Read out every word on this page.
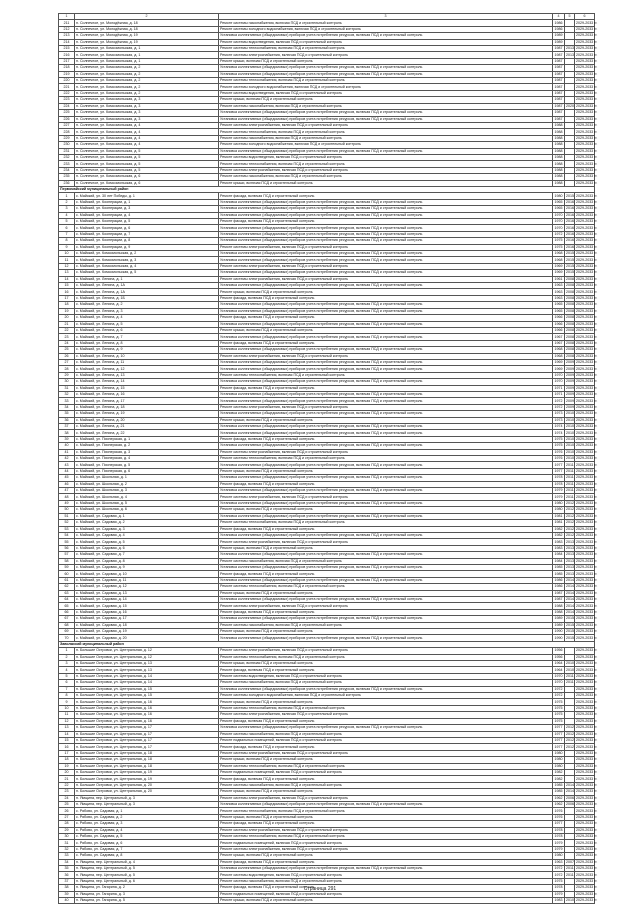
1	2	3	4	5	6
211	п. Солнечное, ул. Молодёжная, д. 18	Ремонт системы газоснабжения, включая ПСД и строительный контроль	1986		2029-2033 гг.
212	п. Солнечное, ул. Молодёжная, д. 18	Ремонт системы холодного водоснабжения, включая ПСД и строительный контроль	1986		2029-2033 гг.
213	п. Солнечное, ул. Молодёжная, д. 19	Установка коллективных (общедомовых) приборов учета потребления ресурсов, включая ПСД и строительный контроль	1989		2029-2033 гг.
214	п. Солнечное, ул. Молодёжная, д. 19	Ремонт системы водоотведения, включая ПСД и строительный контроль	1989		2029-2033 гг.
215	п. Солнечное, ул. Комсомольская, д. 1	Ремонт системы теплоснабжения, включая ПСД и строительный контроль	1987	2013	2029-2033 гг.
216	п. Солнечное, ул. Комсомольская, д. 1	Ремонт системы электроснабжения, включая ПСД и строительный контроль	1987	2013	2029-2033 гг.
217	п. Солнечное, ул. Комсомольская, д. 1	Ремонт крыши, включая ПСД и строительный контроль	1987		2029-2033 гг.
218	п. Солнечное, ул. Комсомольская, д. 2	Установка коллективных (общедомовых) приборов учета потребления ресурсов, включая ПСД и строительный контроль	1987		2029-2033 гг.
219	п. Солнечное, ул. Комсомольская, д. 2	Установка коллективных (общедомовых) приборов учета потребления ресурсов, включая ПСД и строительный контроль	1987		2029-2033 гг.
220	п. Солнечное, ул. Комсомольская, д. 2	Ремонт системы теплоснабжения, включая ПСД и строительный контроль	1987		2029-2033 гг.
221	п. Солнечное, ул. Комсомольская, д. 2	Ремонт системы холодного водоснабжения, включая ПСД и строительный контроль	1987		2029-2033 гг.
222	п. Солнечное, ул. Комсомольская, д. 2	Ремонт системы водоотведения, включая ПСД и строительный контроль	1987		2029-2033 гг.
223	п. Солнечное, ул. Комсомольская, д. 3	Ремонт крыши, включая ПСД и строительный контроль	1987		2029-2033 гг.
224	п. Солнечное, ул. Комсомольская, д. 3	Ремонт системы газоснабжения, включая ПСД и строительный контроль	1987	2020	2029-2033 гг.
225	п. Солнечное, ул. Комсомольская, д. 3	Установка коллективных (общедомовых) приборов учета потребления ресурсов, включая ПСД и строительный контроль	1987		2029-2033 гг.
226	п. Солнечное, ул. Комсомольская, д. 3	Установка коллективных (общедомовых) приборов учета потребления ресурсов, включая ПСД и строительный контроль	1987		2029-2033 гг.
227	п. Солнечное, ул. Комсомольская, д. 4	Ремонт системы электроснабжения, включая ПСД и строительный контроль	1988		2029-2033 гг.
228	п. Солнечное, ул. Комсомольская, д. 4	Ремонт системы теплоснабжения, включая ПСД и строительный контроль	1988		2029-2033 гг.
229	п. Солнечное, ул. Комсомольская, д. 4	Ремонт системы газоснабжения, включая ПСД и строительный контроль	1988		2029-2033 гг.
230	п. Солнечное, ул. Комсомольская, д. 4	Ремонт системы холодного водоснабжения, включая ПСД и строительный контроль	1988		2029-2033 гг.
231	п. Солнечное, ул. Комсомольская, д. 5	Установка коллективных (общедомовых) приборов учета потребления ресурсов, включая ПСД и строительный контроль	1988		2029-2033 гг.
232	п. Солнечное, ул. Комсомольская, д. 5	Ремонт системы водоотведения, включая ПСД и строительный контроль	1988		2029-2033 гг.
233	п. Солнечное, ул. Комсомольская, д. 5	Ремонт системы теплоснабжения, включая ПСД и строительный контроль	1988		2029-2033 гг.
234	п. Солнечное, ул. Комсомольская, д. 5	Ремонт системы электроснабжения, включая ПСД и строительный контроль	1988		2029-2033 гг.
235	п. Солнечное, ул. Комсомольская, д. 6	Ремонт системы газоснабжения, включая ПСД и строительный контроль	1988		2029-2033 гг.
236	п. Солнечное, ул. Комсомольская, д. 6	Ремонт крыши, включая ПСД и строительный контроль	1988		2029-2033 гг.
Первомайский муниципальный район					
1	с. Майский, ул. 30 лет Победы, д. 1	Ремонт фасада, включая ПСД и строительный контроль	1980	2015	2029-2033 гг.
2	с. Майский, ул. Кооперации, д. 1	Установка коллективных (общедомовых) приборов учета потребления ресурсов, включая ПСД и строительный контроль	1965	2016	2029-2033 гг.
3	с. Майский, ул. Кооперации, д. 3	Установка коллективных (общедомовых) приборов учета потребления ресурсов, включая ПСД и строительный контроль	1965	2016	2029-2033 гг.
4	с. Майский, ул. Кооперации, д. 4	Установка коллективных (общедомовых) приборов учета потребления ресурсов, включая ПСД и строительный контроль	1970	2016	2029-2033 гг.
5	с. Майский, ул. Кооперации, д. 5	Ремонт фасада, включая ПСД и строительный контроль	1970	2016	2029-2033 гг.
6	с. Майский, ул. Кооперации, д. 6	Установка коллективных (общедомовых) приборов учета потребления ресурсов, включая ПСД и строительный контроль	1970	2016	2029-2033 гг.
7	с. Майский, ул. Кооперации, д. 7	Установка коллективных (общедомовых) приборов учета потребления ресурсов, включая ПСД и строительный контроль	1972	2016	2029-2033 гг.
8	с. Майский, ул. Кооперации, д. 8	Установка коллективных (общедомовых) приборов учета потребления ресурсов, включая ПСД и строительный контроль	1975	2016	2029-2033 гг.
9	с. Майский, ул. Кооперации, д. 9	Ремонт системы электроснабжения, включая ПСД и строительный контроль	1975	2016	2029-2033 гг.
10	с. Майский, ул. Комсомольская, д. 2	Установка коллективных (общедомовых) приборов учета потребления ресурсов, включая ПСД и строительный контроль	1968	2015	2029-2033 гг.
11	с. Майский, ул. Комсомольская, д. 3	Установка коллективных (общедомовых) приборов учета потребления ресурсов, включая ПСД и строительный контроль	1968	2015	2029-2033 гг.
12	с. Майский, ул. Комсомольская, д. 4	Ремонт системы электроснабжения, включая ПСД и строительный контроль	1969	2015	2029-2033 гг.
13	с. Майский, ул. Комсомольская, д. 5	Установка коллективных (общедомовых) приборов учета потребления ресурсов, включая ПСД и строительный контроль	1969	2015	2029-2033 гг.
14	с. Майский, ул. Ленина, д. 1	Ремонт системы электроснабжения, включая ПСД и строительный контроль	1961	2008	2029-2033 гг.
15	с. Майский, ул. Ленина, д. 1А	Установка коллективных (общедомовых) приборов учета потребления ресурсов, включая ПСД и строительный контроль	1963	2008	2029-2033 гг.
16	с. Майский, ул. Ленина, д. 1А	Ремонт крыши, включая ПСД и строительный контроль	1963	2008	2029-2033 гг.
17	с. Майский, ул. Ленина, д. 1Б	Ремонт фасада, включая ПСД и строительный контроль	1963	2008	2029-2033 гг.
18	с. Майский, ул. Ленина, д. 2	Установка коллективных (общедомовых) приборов учета потребления ресурсов, включая ПСД и строительный контроль	1965	2008	2029-2033 гг.
19	с. Майский, ул. Ленина, д. 3	Установка коллективных (общедомовых) приборов учета потребления ресурсов, включая ПСД и строительный контроль	1965	2008	2029-2033 гг.
20	с. Майский, ул. Ленина, д. 4	Ремонт фасада, включая ПСД и строительный контроль	1966	2008	2029-2033 гг.
21	с. Майский, ул. Ленина, д. 5	Установка коллективных (общедомовых) приборов учета потребления ресурсов, включая ПСД и строительный контроль	1966	2008	2029-2033 гг.
22	с. Майский, ул. Ленина, д. 6	Ремонт крыши, включая ПСД и строительный контроль	1966	2008	2029-2033 гг.
23	с. Майский, ул. Ленина, д. 7	Установка коллективных (общедомовых) приборов учета потребления ресурсов, включая ПСД и строительный контроль	1967	2008	2029-2033 гг.
24	с. Майский, ул. Ленина, д. 8	Ремонт фасада, включая ПСД и строительный контроль	1967	2008	2029-2033 гг.
25	с. Майский, ул. Ленина, д. 9	Установка коллективных (общедомовых) приборов учета потребления ресурсов, включая ПСД и строительный контроль	1968	2008	2029-2033 гг.
26	с. Майский, ул. Ленина, д. 10	Ремонт системы электроснабжения, включая ПСД и строительный контроль	1968	2008	2029-2033 гг.
27	с. Майский, ул. Ленина, д. 11	Установка коллективных (общедомовых) приборов учета потребления ресурсов, включая ПСД и строительный контроль	1969	2009	2029-2033 гг.
28	с. Майский, ул. Ленина, д. 12	Установка коллективных (общедомовых) приборов учета потребления ресурсов, включая ПСД и строительный контроль	1969	2009	2029-2033 гг.
29	с. Майский, ул. Ленина, д. 13	Ремонт системы теплоснабжения, включая ПСД и строительный контроль	1970	2009	2029-2033 гг.
30	с. Майский, ул. Ленина, д. 14	Установка коллективных (общедомовых) приборов учета потребления ресурсов, включая ПСД и строительный контроль	1970	2009	2029-2033 гг.
31	с. Майский, ул. Ленина, д. 15	Ремонт фасада, включая ПСД и строительный контроль	1971	2009	2029-2033 гг.
32	с. Майский, ул. Ленина, д. 16	Установка коллективных (общедомовых) приборов учета потребления ресурсов, включая ПСД и строительный контроль	1971	2009	2029-2033 гг.
33	с. Майский, ул. Ленина, д. 17	Установка коллективных (общедомовых) приборов учета потребления ресурсов, включая ПСД и строительный контроль	1972	2009	2029-2033 гг.
34	с. Майский, ул. Ленина, д. 18	Ремонт системы электроснабжения, включая ПСД и строительный контроль	1972	2009	2029-2033 гг.
35	с. Майский, ул. Ленина, д. 19	Установка коллективных (общедомовых) приборов учета потребления ресурсов, включая ПСД и строительный контроль	1973	2010	2029-2033 гг.
36	с. Майский, ул. Ленина, д. 20	Ремонт крыши, включая ПСД и строительный контроль	1973	2010	2029-2033 гг.
37	с. Майский, ул. Ленина, д. 21	Установка коллективных (общедомовых) приборов учета потребления ресурсов, включая ПСД и строительный контроль	1974	2010	2029-2033 гг.
38	с. Майский, ул. Ленина, д. 22	Установка коллективных (общедомовых) приборов учета потребления ресурсов, включая ПСД и строительный контроль	1974	2010	2029-2033 гг.
39	с. Майский, ул. Пионерская, д. 1	Ремонт фасада, включая ПСД и строительный контроль	1975	2010	2029-2033 гг.
40	с. Майский, ул. Пионерская, д. 2	Установка коллективных (общедомовых) приборов учета потребления ресурсов, включая ПСД и строительный контроль	1975	2010	2029-2033 гг.
41	с. Майский, ул. Пионерская, д. 3	Ремонт системы электроснабжения, включая ПСД и строительный контроль	1976	2010	2029-2033 гг.
42	с. Майский, ул. Пионерская, д. 4	Ремонт системы теплоснабжения, включая ПСД и строительный контроль	1976	2010	2029-2033 гг.
43	с. Майский, ул. Пионерская, д. 5	Установка коллективных (общедомовых) приборов учета потребления ресурсов, включая ПСД и строительный контроль	1977	2011	2029-2033 гг.
44	с. Майский, ул. Пионерская, д. 6	Ремонт крыши, включая ПСД и строительный контроль	1977	2011	2029-2033 гг.
45	с. Майский, ул. Школьная, д. 1	Установка коллективных (общедомовых) приборов учета потребления ресурсов, включая ПСД и строительный контроль	1978	2011	2029-2033 гг.
46	с. Майский, ул. Школьная, д. 2	Ремонт фасада, включая ПСД и строительный контроль	1978	2011	2029-2033 гг.
47	с. Майский, ул. Школьная, д. 3	Установка коллективных (общедомовых) приборов учета потребления ресурсов, включая ПСД и строительный контроль	1979	2011	2029-2033 гг.
48	с. Майский, ул. Школьная, д. 4	Ремонт системы электроснабжения, включая ПСД и строительный контроль	1979	2011	2029-2033 гг.
49	с. Майский, ул. Школьная, д. 5	Установка коллективных (общедомовых) приборов учета потребления ресурсов, включая ПСД и строительный контроль	1980	2012	2029-2033 гг.
50	с. Майский, ул. Школьная, д. 6	Ремонт крыши, включая ПСД и строительный контроль	1980	2012	2029-2033 гг.
51	с. Майский, ул. Садовая, д. 1	Установка коллективных (общедомовых) приборов учета потребления ресурсов, включая ПСД и строительный контроль	1981	2012	2029-2033 гг.
52	с. Майский, ул. Садовая, д. 2	Ремонт системы теплоснабжения, включая ПСД и строительный контроль	1981	2012	2029-2033 гг.
53	с. Майский, ул. Садовая, д. 3	Ремонт фасада, включая ПСД и строительный контроль	1982	2012	2029-2033 гг.
54	с. Майский, ул. Садовая, д. 4	Установка коллективных (общедомовых) приборов учета потребления ресурсов, включая ПСД и строительный контроль	1982	2012	2029-2033 гг.
55	с. Майский, ул. Садовая, д. 5	Ремонт системы электроснабжения, включая ПСД и строительный контроль	1983	2013	2029-2033 гг.
56	с. Майский, ул. Садовая, д. 6	Ремонт крыши, включая ПСД и строительный контроль	1983	2013	2029-2033 гг.
57	с. Майский, ул. Садовая, д. 7	Установка коллективных (общедомовых) приборов учета потребления ресурсов, включая ПСД и строительный контроль	1984	2013	2029-2033 гг.
58	с. Майский, ул. Садовая, д. 8	Ремонт системы газоснабжения, включая ПСД и строительный контроль	1984	2013	2029-2033 гг.
59	с. Майский, ул. Садовая, д. 9	Установка коллективных (общедомовых) приборов учета потребления ресурсов, включая ПСД и строительный контроль	1985	2013	2029-2033 гг.
60	с. Майский, ул. Садовая, д. 10	Ремонт фасада, включая ПСД и строительный контроль	1985	2013	2029-2033 гг.
61	с. Майский, ул. Садовая, д. 11	Установка коллективных (общедомовых) приборов учета потребления ресурсов, включая ПСД и строительный контроль	1986	2014	2029-2033 гг.
62	с. Майский, ул. Садовая, д. 12	Ремонт системы теплоснабжения, включая ПСД и строительный контроль	1986	2014	2029-2033 гг.
63	с. Майский, ул. Садовая, д. 13	Ремонт крыши, включая ПСД и строительный контроль	1987	2014	2029-2033 гг.
64	с. Майский, ул. Садовая, д. 14	Установка коллективных (общедомовых) приборов учета потребления ресурсов, включая ПСД и строительный контроль	1987	2014	2029-2033 гг.
65	с. Майский, ул. Садовая, д. 15	Ремонт системы электроснабжения, включая ПСД и строительный контроль	1988	2014	2029-2033 гг.
66	с. Майский, ул. Садовая, д. 16	Ремонт фасада, включая ПСД и строительный контроль	1988	2014	2029-2033 гг.
67	с. Майский, ул. Садовая, д. 17	Установка коллективных (общедомовых) приборов учета потребления ресурсов, включая ПСД и строительный контроль	1989	2015	2029-2033 гг.
68	с. Майский, ул. Садовая, д. 18	Ремонт системы газоснабжения, включая ПСД и строительный контроль	1989	2015	2029-2033 гг.
69	с. Майский, ул. Садовая, д. 19	Ремонт крыши, включая ПСД и строительный контроль	1990	2015	2029-2033 гг.
70	с. Майский, ул. Садовая, д. 20	Установка коллективных (общедомовых) приборов учета потребления ресурсов, включая ПСД и строительный контроль	1990	2015	2029-2033 гг.
Заволжский муниципальный район					
1	п. Большие Островки, ул. Центральная, д. 12	Ремонт системы электроснабжения, включая ПСД и строительный контроль	1956		2029-2033 гг.
2	п. Большие Островки, ул. Центральная, д. 12	Ремонт системы теплоснабжения, включая ПСД и строительный контроль	1956		2029-2033 гг.
3	п. Большие Островки, ул. Центральная, д. 13	Ремонт крыши, включая ПСД и строительный контроль	1964	2010	2029-2033 гг.
4	п. Большие Островки, ул. Центральная, д. 13	Ремонт фасада, включая ПСД и строительный контроль	1964	2010	2029-2033 гг.
5	п. Большие Островки, ул. Центральная, д. 14	Ремонт системы водоотведения, включая ПСД и строительный контроль	1970	2011	2029-2033 гг.
6	п. Большие Островки, ул. Центральная, д. 14	Ремонт системы газоснабжения, включая ПСД и строительный контроль	1970	2011	2029-2033 гг.
7	п. Большие Островки, ул. Центральная, д. 15	Установка коллективных (общедомовых) приборов учета потребления ресурсов, включая ПСД и строительный контроль	1972		2029-2033 гг.
8	п. Большие Островки, ул. Центральная, д. 15	Ремонт системы холодного водоснабжения, включая ПСД и строительный контроль	1972		2029-2033 гг.
9	п. Большие Островки, ул. Центральная, д. 16	Ремонт крыши, включая ПСД и строительный контроль	1975		2029-2033 гг.
10	п. Большие Островки, ул. Центральная, д. 16	Ремонт системы теплоснабжения, включая ПСД и строительный контроль	1975		2029-2033 гг.
11	п. Большие Островки, ул. Центральная, д. 16	Ремонт системы электроснабжения, включая ПСД и строительный контроль	1975		2029-2033 гг.
12	п. Большие Островки, ул. Центральная, д. 16	Ремонт фасада, включая ПСД и строительный контроль	1975		2029-2033 гг.
13	п. Большие Островки, ул. Центральная, д. 17	Установка коллективных (общедомовых) приборов учета потребления ресурсов, включая ПСД и строительный контроль	1977	2012	2029-2033 гг.
14	п. Большие Островки, ул. Центральная, д. 17	Ремонт системы газоснабжения, включая ПСД и строительный контроль	1977	2012	2029-2033 гг.
15	п. Большие Островки, ул. Центральная, д. 17	Ремонт подвальных помещений, включая ПСД и строительный контроль	1977	2012	2029-2033 гг.
16	п. Большие Островки, ул. Центральная, д. 17	Ремонт фасада, включая ПСД и строительный контроль	1977	2012	2029-2033 гг.
17	п. Большие Островки, ул. Центральная, д. 18	Ремонт системы электроснабжения, включая ПСД и строительный контроль	1980		2029-2033 гг.
18	п. Большие Островки, ул. Центральная, д. 18	Ремонт крыши, включая ПСД и строительный контроль	1980		2029-2033 гг.
19	п. Большие Островки, ул. Центральная, д. 18	Ремонт системы теплоснабжения, включая ПСД и строительный контроль	1980		2029-2033 гг.
20	п. Большие Островки, ул. Центральная, д. 19	Ремонт подвальных помещений, включая ПСД и строительный контроль	1982		2029-2033 гг.
21	п. Большие Островки, ул. Центральная, д. 19	Ремонт фасада, включая ПСД и строительный контроль	1982		2029-2033 гг.
22	п. Большие Островки, ул. Центральная, д. 20	Ремонт системы газоснабжения, включая ПСД и строительный контроль	1985	2014	2029-2033 гг.
23	п. Большие Островки, ул. Центральная, д. 20	Ремонт крыши, включая ПСД и строительный контроль	1985	2014	2029-2033 гг.
24	п. Ямщина, пер. Центральный, д. 3	Ремонт системы электроснабжения, включая ПСД и строительный контроль	1962	2006	2029-2033 гг.
25	п. Ямщина, пер. Центральный, д. 3	Установка коллективных (общедомовых) приборов учета потребления ресурсов, включая ПСД и строительный контроль	1962	2006	2029-2033 гг.
26	с. Рябово, ул. Садовая, д. 1	Ремонт системы теплоснабжения, включая ПСД и строительный контроль	1976		2029-2033 гг.
27	с. Рябово, ул. Садовая, д. 2	Ремонт крыши, включая ПСД и строительный контроль	1976		2029-2033 гг.
28	с. Рябово, ул. Садовая, д. 3	Ремонт фасада, включая ПСД и строительный контроль	1977		2029-2033 гг.
29	с. Рябово, ул. Садовая, д. 4	Ремонт системы электроснабжения, включая ПСД и строительный контроль	1978		2029-2033 гг.
30	с. Рябово, ул. Садовая, д. 5	Ремонт системы теплоснабжения, включая ПСД и строительный контроль	1978		2029-2033 гг.
31	с. Рябово, ул. Садовая, д. 6	Ремонт подвальных помещений, включая ПСД и строительный контроль	1979		2029-2033 гг.
32	с. Рябово, ул. Садовая, д. 7	Ремонт системы электроснабжения, включая ПСД и строительный контроль	1979		2029-2033 гг.
33	с. Рябово, ул. Садовая, д. 8	Ремонт крыши, включая ПСД и строительный контроль	1980		2029-2033 гг.
34	п. Ямщина, пер. Центральный, д. 4	Ремонт фасада, включая ПСД и строительный контроль	1963	2007	2029-2033 гг.
35	п. Ямщина, пер. Центральный, д. 5	Установка коллективных (общедомовых) приборов учета потребления ресурсов, включая ПСД и строительный контроль	1972	2011	2029-2033 гг.
36	п. Ямщина, пер. Центральный, д. 5	Ремонт системы водоотведения, включая ПСД и строительный контроль	1972	2011	2029-2033 гг.
37	п. Ямщина, пер. Центральный, д. 6	Ремонт системы газоснабжения, включая ПСД и строительный контроль	1975		2029-2033 гг.
38	п. Ямщина, ул. Гагарина, д. 2	Ремонт фасада, включая ПСД и строительный контроль	1978		2029-2033 гг.
39	п. Ямщина, ул. Гагарина, д. 3	Ремонт подвальных помещений, включая ПСД и строительный контроль	1979		2029-2033 гг.
40	п. Ямщина, ул. Гагарина, д. 5	Ремонт крыши, включая ПСД и строительный контроль	1983	2010	2029-2033 гг.
Страница 291
